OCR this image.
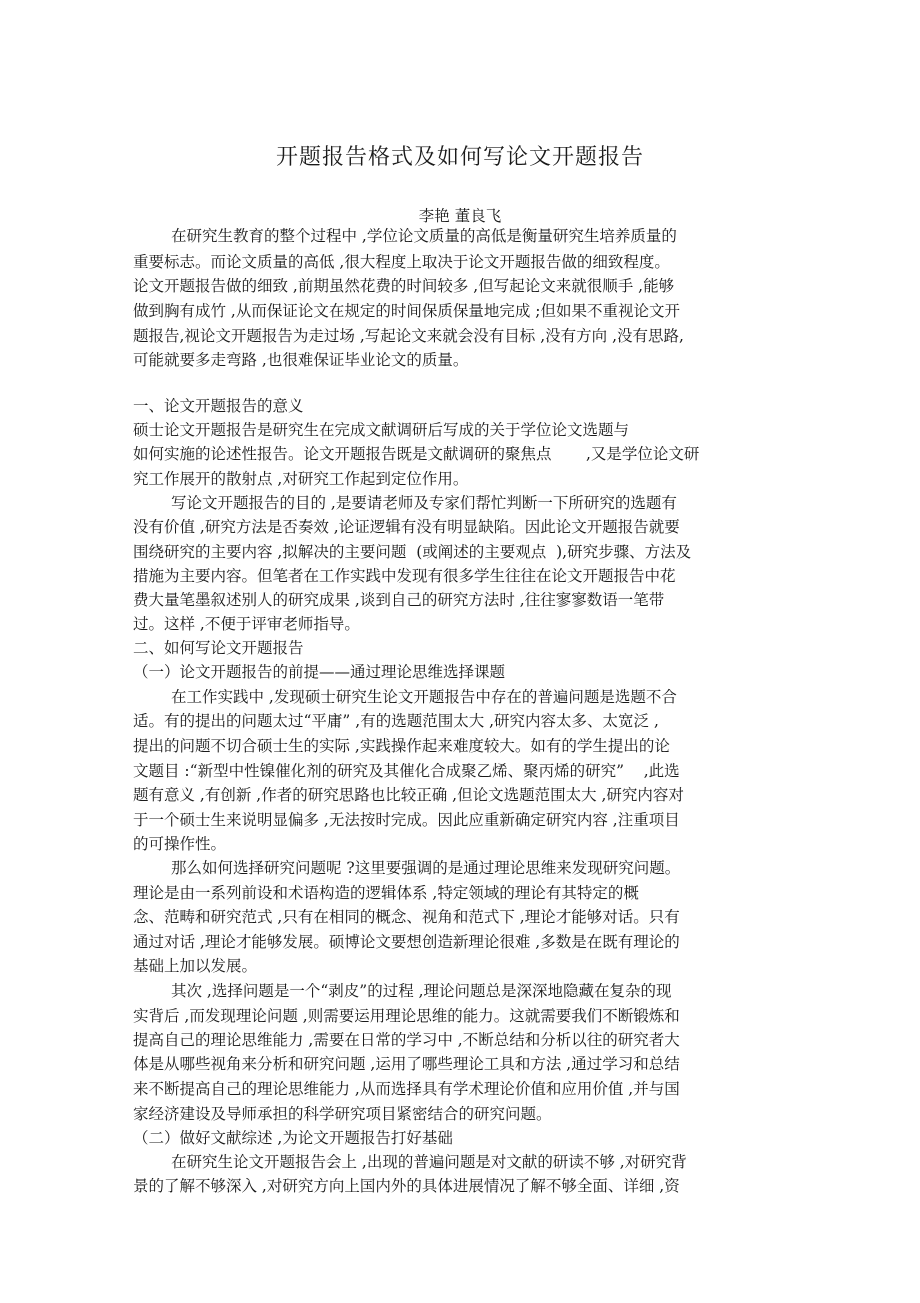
开题报告格式及如何写论文开题报告
李艳 董良飞
在研究生教育的整个过程中 ,学位论文质量的高低是衡量研究生培养质量的
重要标志。而论文质量的高低 ,很大程度上取决于论文开题报告做的细致程度。
论文开题报告做的细致 ,前期虽然花费的时间较多 ,但写起论文来就很顺手 ,能够
做到胸有成竹 ,从而保证论文在规定的时间保质保量地完成 ;但如果不重视论文开
题报告,视论文开题报告为走过场 ,写起论文来就会没有目标 ,没有方向 ,没有思路,
可能就要多走弯路 ,也很难保证毕业论文的质量。
一、论文开题报告的意义
硕士论文开题报告是研究生在完成文献调研后写成的关于学位论文选题与
如何实施的论述性报告。论文开题报告既是文献调研的聚焦点       ,又是学位论文研
究工作展开的散射点 ,对研究工作起到定位作用。
写论文开题报告的目的 ,是要请老师及专家们帮忙判断一下所研究的选题有
没有价值 ,研究方法是否奏效 ,论证逻辑有没有明显缺陷。因此论文开题报告就要
围绕研究的主要内容 ,拟解决的主要问题  (或阐述的主要观点  ),研究步骤、方法及
措施为主要内容。但笔者在工作实践中发现有很多学生往往在论文开题报告中花
费大量笔墨叙述别人的研究成果 ,谈到自己的研究方法时 ,往往寥寥数语一笔带
过。这样 ,不便于评审老师指导。
二、如何写论文开题报告
（一）论文开题报告的前提——通过理论思维选择课题
在工作实践中 ,发现硕士研究生论文开题报告中存在的普遍问题是选题不合
适。有的提出的问题太过“平庸” ,有的选题范围太大 ,研究内容太多、太宽泛 ,
提出的问题不切合硕士生的实际 ,实践操作起来难度较大。如有的学生提出的论
文题目 :“新型中性镍催化剂的研究及其催化合成聚乙烯、聚丙烯的研究”    ,此选
题有意义 ,有创新 ,作者的研究思路也比较正确 ,但论文选题范围太大 ,研究内容对
于一个硕士生来说明显偏多 ,无法按时完成。因此应重新确定研究内容 ,注重项目
的可操作性。
那么如何选择研究问题呢 ?这里要强调的是通过理论思维来发现研究问题。
理论是由一系列前设和术语构造的逻辑体系 ,特定领域的理论有其特定的概
念、范畴和研究范式 ,只有在相同的概念、视角和范式下 ,理论才能够对话。只有
通过对话 ,理论才能够发展。硕博论文要想创造新理论很难 ,多数是在既有理论的
基础上加以发展。
其次 ,选择问题是一个“剥皮”的过程 ,理论问题总是深深地隐藏在复杂的现
实背后 ,而发现理论问题 ,则需要运用理论思维的能力。这就需要我们不断锻炼和
提高自己的理论思维能力 ,需要在日常的学习中 ,不断总结和分析以往的研究者大
体是从哪些视角来分析和研究问题 ,运用了哪些理论工具和方法 ,通过学习和总结
来不断提高自己的理论思维能力 ,从而选择具有学术理论价值和应用价值 ,并与国
家经济建设及导师承担的科学研究项目紧密结合的研究问题。
（二）做好文献综述 ,为论文开题报告打好基础
在研究生论文开题报告会上 ,出现的普遍问题是对文献的研读不够 ,对研究背
景的了解不够深入 ,对研究方向上国内外的具体进展情况了解不够全面、详细 ,资
